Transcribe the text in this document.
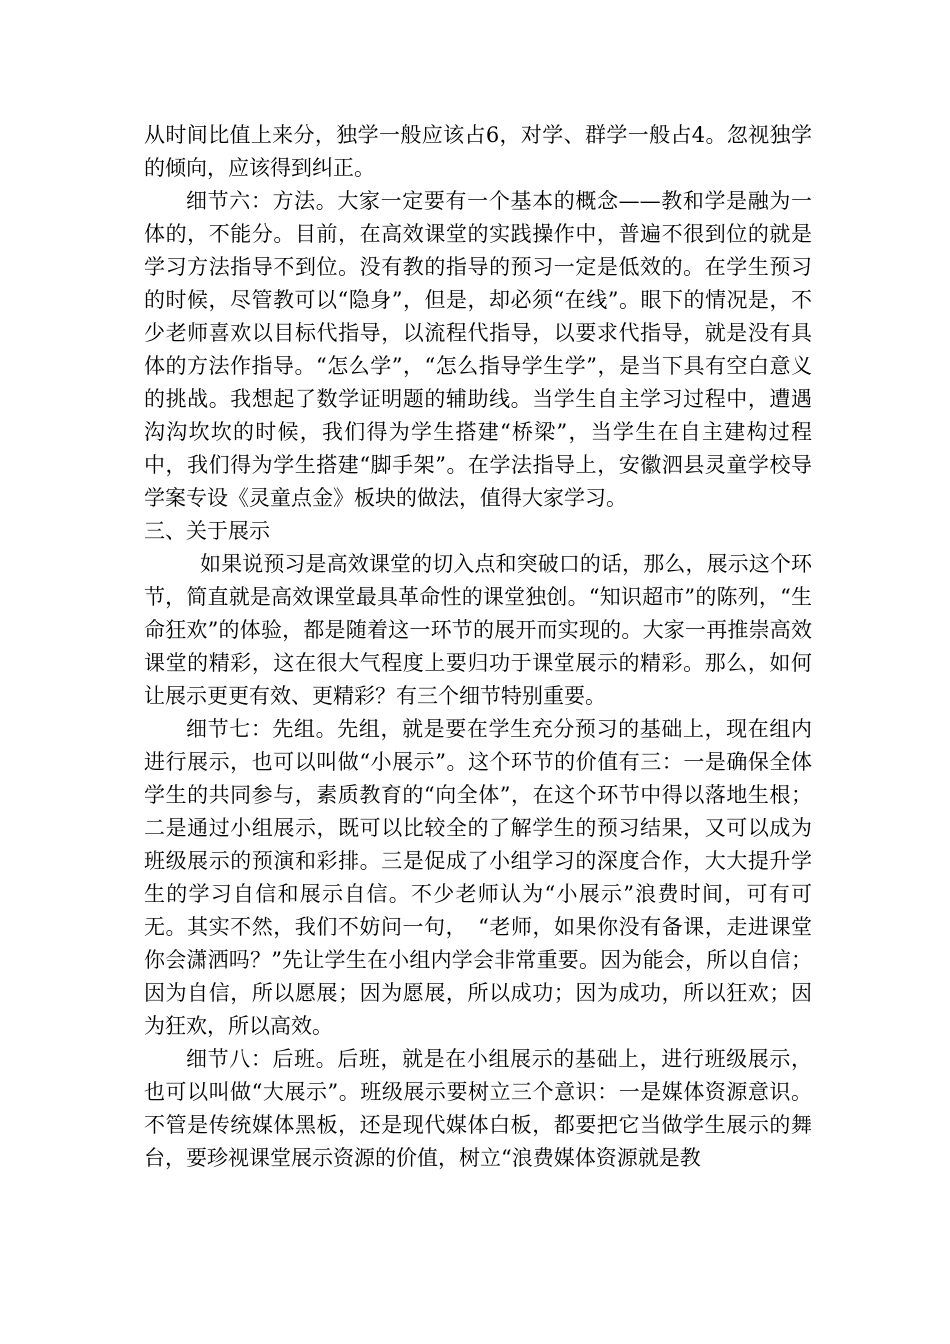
从时间比值上来分，独学一般应该占6，对学、群学一般占4。忽视独学的倾向，应该得到纠正。

细节六：方法。大家一定要有一个基本的概念——教和学是融为一体的，不能分。目前，在高效课堂的实践操作中，普遍不很到位的就是学习方法指导不到位。没有教的指导的预习一定是低效的。在学生预习的时候，尽管教可以“隐身”，但是，却必须“在线”。眼下的情况是，不少老师喜欢以目标代指导，以流程代指导，以要求代指导，就是没有具体的方法作指导。“怎么学”，“怎么指导学生学”，是当下具有空白意义的挑战。我想起了数学证明题的辅助线。当学生自主学习过程中，遭遇沟沟坎坎的时候，我们得为学生搭建“桥梁”，当学生在自主建构过程中，我们得为学生搭建“脚手架”。在学法指导上，安徽泗县灵童学校导学案专设《灵童点金》板块的做法，值得大家学习。

三、关于展示

如果说预习是高效课堂的切入点和突破口的话，那么，展示这个环节，简直就是高效课堂最具革命性的课堂独创。“知识超市”的陈列，“生命狂欢”的体验，都是随着这一环节的展开而实现的。大家一再推崇高效课堂的精彩，这在很大气程度上要归功于课堂展示的精彩。那么，如何让展示更更有效、更精彩？有三个细节特别重要。

细节七：先组。先组，就是要在学生充分预习的基础上，现在组内进行展示，也可以叫做“小展示”。这个环节的价值有三：一是确保全体学生的共同参与，素质教育的“向全体”，在这个环节中得以落地生根；二是通过小组展示，既可以比较全的了解学生的预习结果，又可以成为班级展示的预演和彩排。三是促成了小组学习的深度合作，大大提升学生的学习自信和展示自信。不少老师认为“小展示”浪费时间，可有可无。其实不然，我们不妨问一句，　“老师，如果你没有备课，走进课堂你会潇洒吗？”先让学生在小组内学会非常重要。因为能会，所以自信；因为自信，所以愿展；因为愿展，所以成功；因为成功，所以狂欢；因为狂欢，所以高效。

细节八：后班。后班，就是在小组展示的基础上，进行班级展示，也可以叫做“大展示”。班级展示要树立三个意识：一是媒体资源意识。不管是传统媒体黑板，还是现代媒体白板，都要把它当做学生展示的舞台，要珍视课堂展示资源的价值，树立“浪费媒体资源就是教
